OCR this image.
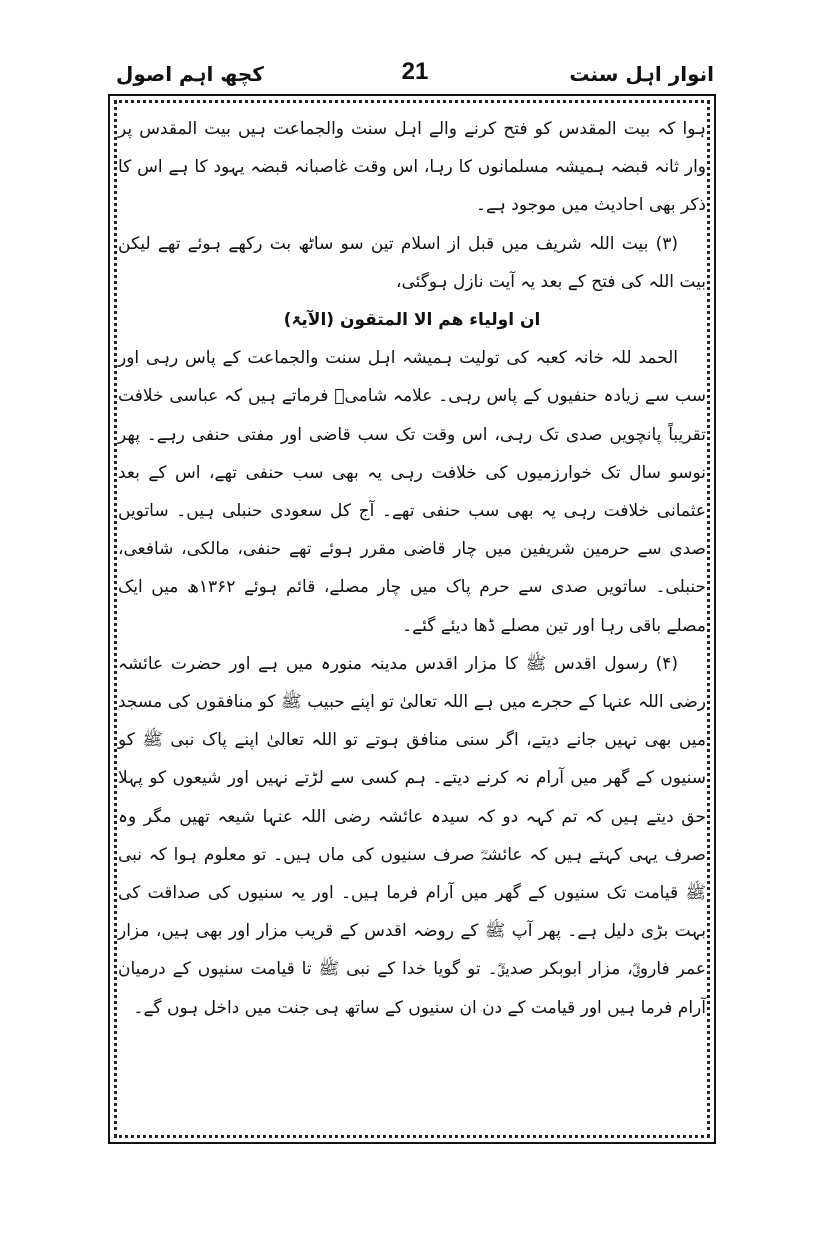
کچھ اہم اصول	21	انوار اہل سنت

ہوا کہ بیت المقدس کو فتح کرنے والے اہل سنت والجماعت ہیں بیت المقدس پر وار ثانہ قبضہ ہمیشہ مسلمانوں کا رہا، اس وقت غاصبانہ قبضہ یہود کا ہے اس کا ذکر بھی احادیث میں موجود ہے۔

(۳) بیت اللہ شریف میں قبل از اسلام تین سو ساٹھ بت رکھے ہوئے تھے لیکن بیت اللہ کی فتح کے بعد یہ آیت نازل ہوگئی،

ان اولیاء ھم الا المتقون (الآیۃ)

الحمد للہ خانہ کعبہ کی تولیت ہمیشہ اہل سنت والجماعت کے پاس رہی اور سب سے زیادہ حنفیوں کے پاس رہی۔ علامہ شامیؒ فرماتے ہیں کہ عباسی خلافت تقریباً پانچویں صدی تک رہی، اس وقت تک سب قاضی اور مفتی حنفی رہے۔ پھر نوسو سال تک خوارزمیوں کی خلافت رہی یہ بھی سب حنفی تھے، اس کے بعد عثمانی خلافت رہی یہ بھی سب حنفی تھے۔ آج کل سعودی حنبلی ہیں۔ ساتویں صدی سے حرمین شریفین میں چار قاضی مقرر ہوئے تھے حنفی، مالکی، شافعی، حنبلی۔ ساتویں صدی سے حرم پاک میں چار مصلے، قائم ہوئے ۱۳۶۲ھ میں ایک مصلے باقی رہا اور تین مصلے ڈھا دیئے گئے۔

(۴) رسول اقدس ﷺ کا مزار اقدس مدینہ منورہ میں ہے اور حضرت عائشہ رضی اللہ عنہا کے حجرے میں ہے اللہ تعالیٰ تو اپنے حبیب ﷺ کو منافقوں کی مسجد میں بھی نہیں جانے دیتے، اگر سنی منافق ہوتے تو اللہ تعالیٰ اپنے پاک نبی ﷺ کو سنیوں کے گھر میں آرام نہ کرنے دیتے۔ ہم کسی سے لڑتے نہیں اور شیعوں کو پہلا حق دیتے ہیں کہ تم کہہ دو کہ سیدہ عائشہ رضی اللہ عنہا شیعہ تھیں مگر وہ صرف یہی کہتے ہیں کہ عائشہؓ صرف سنیوں کی ماں ہیں۔ تو معلوم ہوا کہ نبی ﷺ قیامت تک سنیوں کے گھر میں آرام فرما ہیں۔ اور یہ سنیوں کی صداقت کی بہت بڑی دلیل ہے۔ پھر آپ ﷺ کے روضہ اقدس کے قریب مزار اور بھی ہیں، مزار عمر فاروقؓ، مزار ابوبکر صدیقؓ۔ تو گویا خدا کے نبی ﷺ تا قیامت سنیوں کے درمیان آرام فرما ہیں اور قیامت کے دن ان سنیوں کے ساتھ ہی جنت میں داخل ہوں گے۔
